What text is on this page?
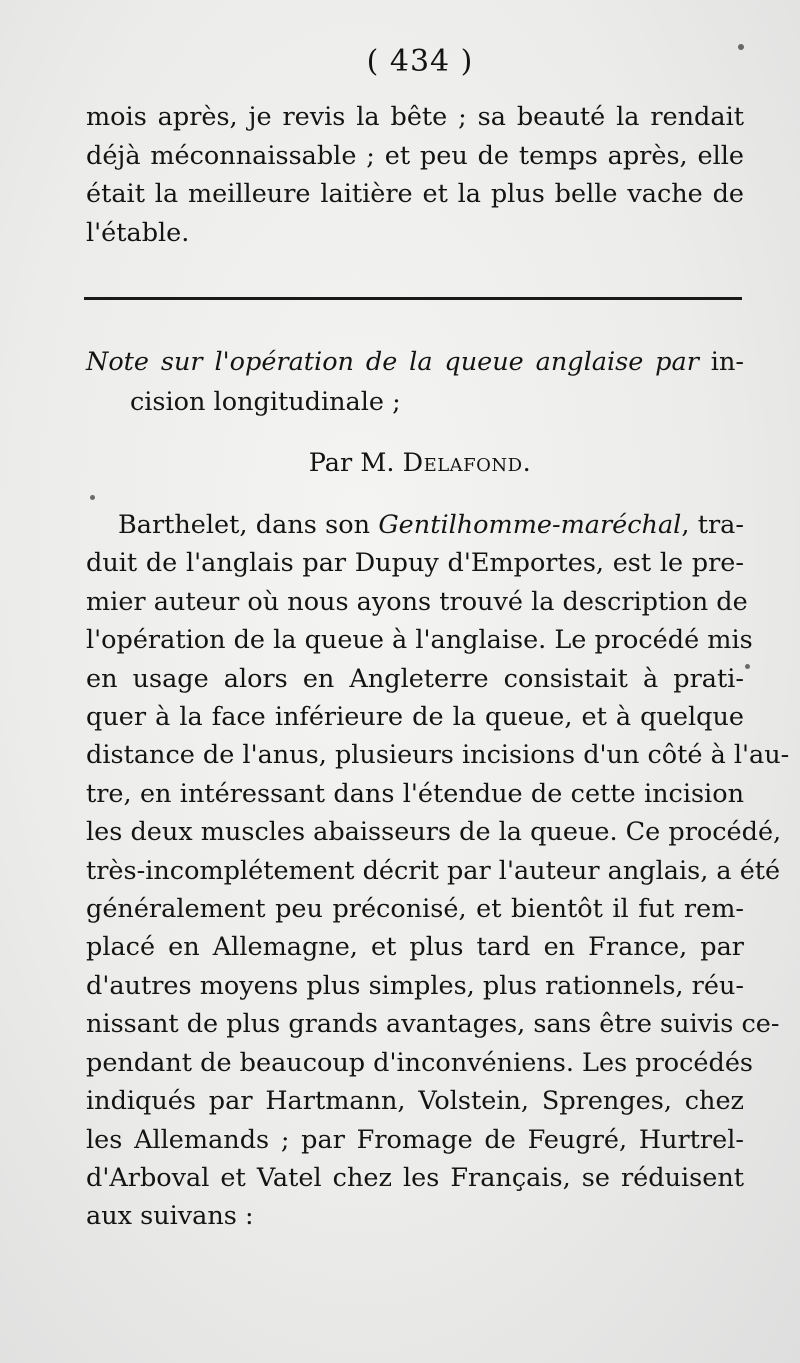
( 434 )
mois après, je revis la bête ; sa beauté la rendait
déjà méconnaissable ; et peu de temps après, elle
était la meilleure laitière et la plus belle vache de
l'étable.
Note sur l'opération de la queue anglaise par in-
cision longitudinale ;
Par M. Delafond.
Barthelet, dans son Gentilhomme-maréchal, tra-
duit de l'anglais par Dupuy d'Emportes, est le pre-
mier auteur où nous ayons trouvé la description de
l'opération de la queue à l'anglaise. Le procédé mis
en usage alors en Angleterre consistait à prati-
quer à la face inférieure de la queue, et à quelque
distance de l'anus, plusieurs incisions d'un côté à l'au-
tre, en intéressant dans l'étendue de cette incision
les deux muscles abaisseurs de la queue. Ce procédé,
très-incomplétement décrit par l'auteur anglais, a été
généralement peu préconisé, et bientôt il fut rem-
placé en Allemagne, et plus tard en France, par
d'autres moyens plus simples, plus rationnels, réu-
nissant de plus grands avantages, sans être suivis ce-
pendant de beaucoup d'inconvéniens. Les procédés
indiqués par Hartmann, Volstein, Sprenges, chez
les Allemands ; par Fromage de Feugré, Hurtrel-
d'Arboval et Vatel chez les Français, se réduisent
aux suivans :
